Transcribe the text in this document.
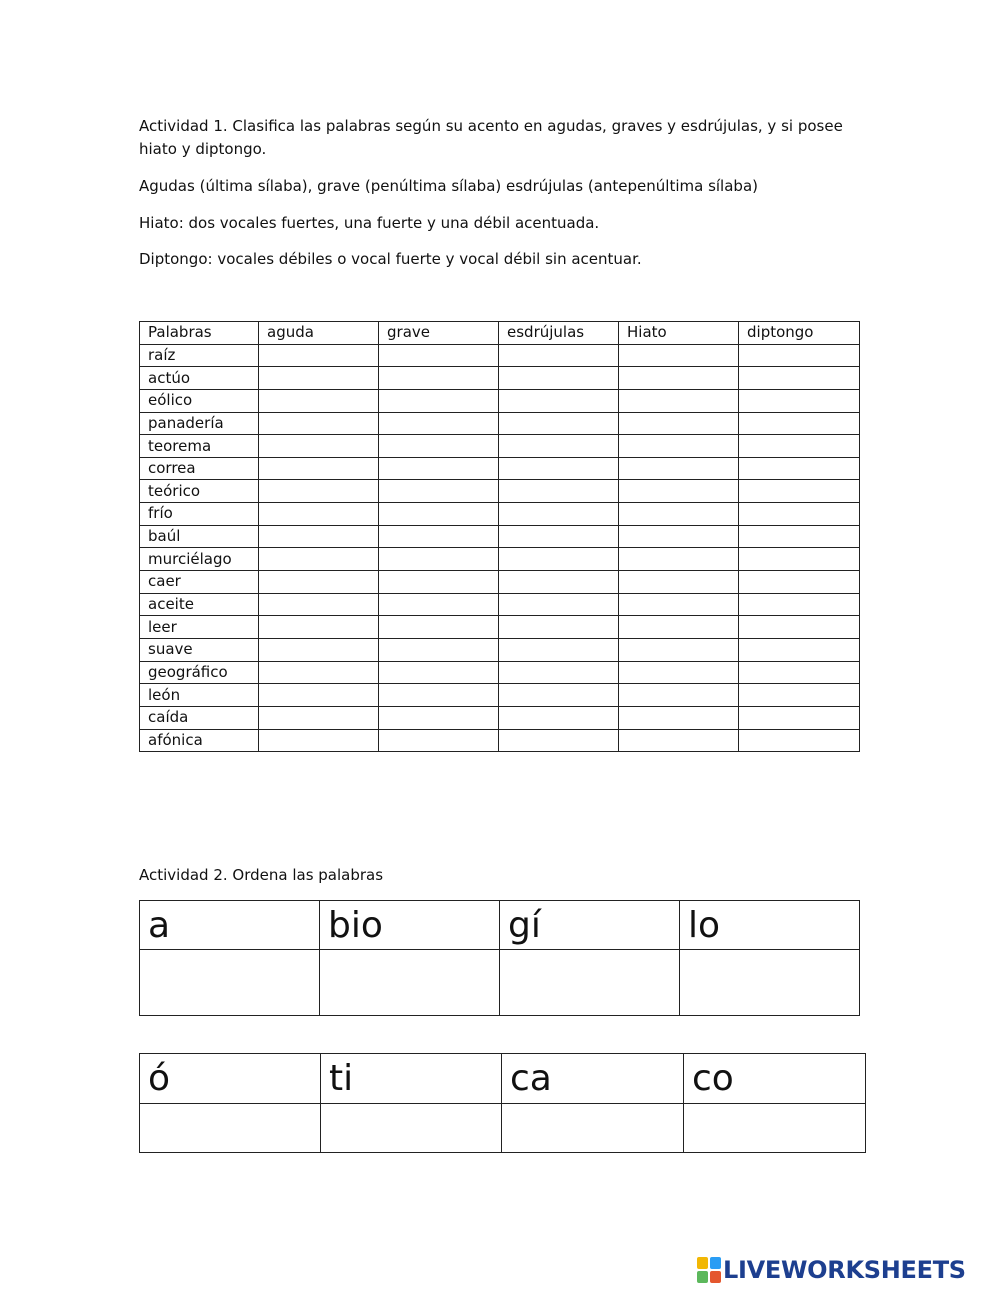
Actividad 1. Clasifica las palabras según su acento en agudas, graves y esdrújulas, y si posee hiato y diptongo.

Agudas (última sílaba), grave (penúltima sílaba) esdrújulas (antepenúltima sílaba)

Hiato: dos vocales fuertes, una fuerte y una débil acentuada.

Diptongo: vocales débiles o vocal fuerte y vocal débil sin acentuar.

Palabras	aguda	grave	esdrújulas	Hiato	diptongo
raíz					
actúo					
eólico					
panadería					
teorema					
correa					
teórico					
frío					
baúl					
murciélago					
caer					
aceite					
leer					
suave					
geográfico					
león					
caída					
afónica					

Actividad 2. Ordena las palabras

a	bio	gí	lo

ó	ti	ca	co

LIVEWORKSHEETS
